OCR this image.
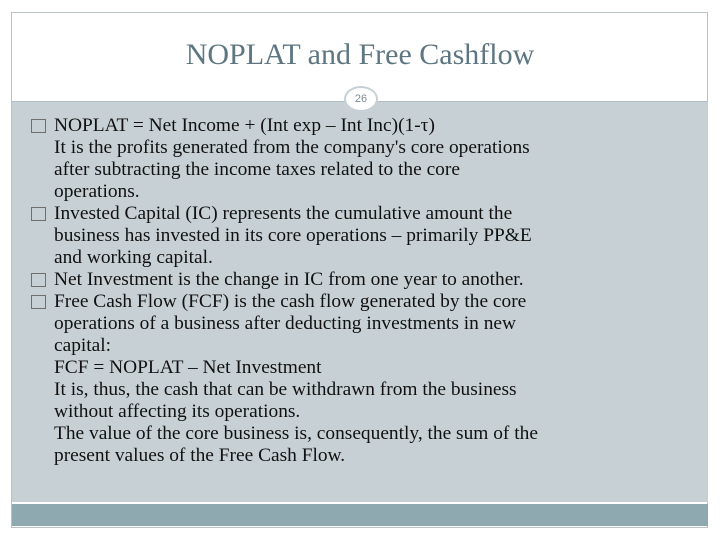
NOPLAT and Free Cashflow
26
NOPLAT = Net Income + (Int exp – Int Inc)(1-τ)
It is the profits generated from the company's core operations
after subtracting the income taxes related to the core
operations.
Invested Capital (IC) represents the cumulative amount the
business has invested in its core operations – primarily PP&E
and working capital.
Net Investment is the change in IC from one year to another.
Free Cash Flow (FCF) is the cash flow generated by the core
operations of a business after deducting investments in new
capital:
FCF = NOPLAT – Net Investment
It is, thus, the cash that can be withdrawn from the business
without affecting its operations.
The value of the core business is, consequently, the sum of the
present values of the Free Cash Flow.
